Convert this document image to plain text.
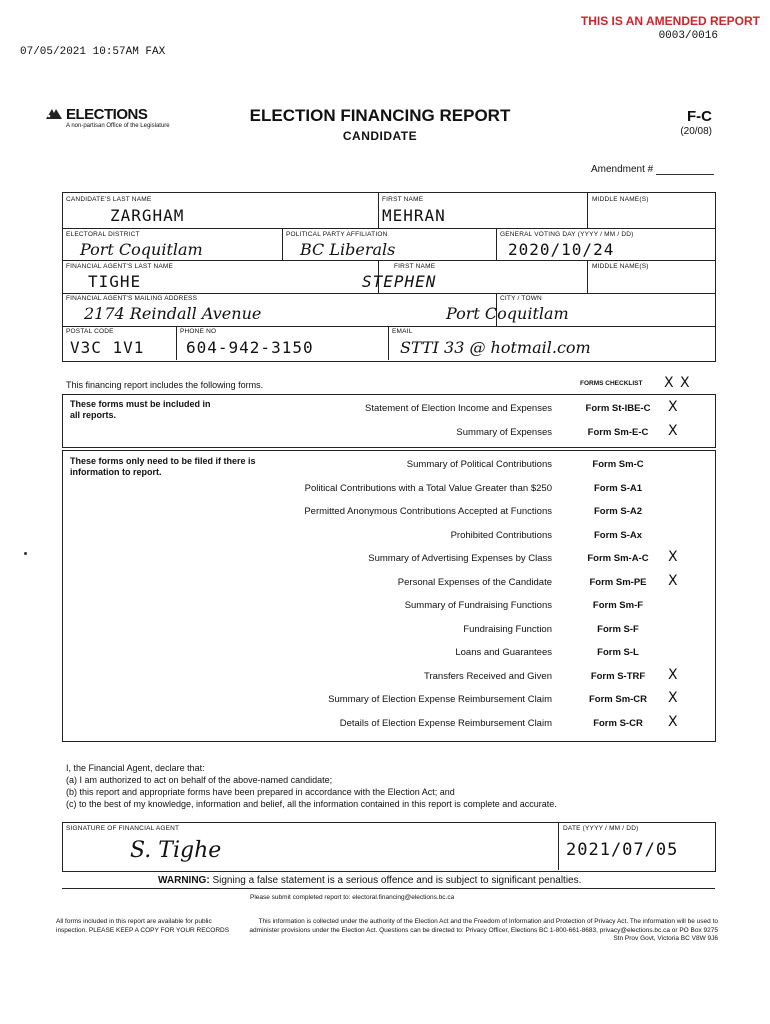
THIS IS AN AMENDED REPORT
0003/0016
07/05/2021 10:57AM FAX
ELECTIONS
A non-partisan Office of the Legislature
ELECTION FINANCING REPORT
CANDIDATE
F-C
(20/08)
Amendment #
CANDIDATE'S LAST NAME
ZARGHAM
FIRST NAME
MEHRAN
MIDDLE NAME(S)
ELECTORAL DISTRICT
Port Coquitlam
POLITICAL PARTY AFFILIATION
BC Liberals
GENERAL VOTING DAY (YYYY / MM / DD)
2020/10/24
FINANCIAL AGENT'S LAST NAME
TIGHE
FIRST NAME
STEPHEN
MIDDLE NAME(S)
FINANCIAL AGENT'S MAILING ADDRESS
2174 Reindall Avenue
CITY / TOWN
Port Coquitlam
POSTAL CODE
V3C 1V1
PHONE NO
604-942-3150
EMAIL
STTI 33 @ hotmail.com
This financing report includes the following forms.	FORMS CHECKLIST X X
These forms must be included in all reports.
Statement of Election Income and Expenses	Form St-IBE-C	X
Summary of Expenses	Form Sm-E-C	X
These forms only need to be filed if there is information to report.
Summary of Political Contributions	Form Sm-C
Political Contributions with a Total Value Greater than $250	Form S-A1
Permitted Anonymous Contributions Accepted at Functions	Form S-A2
Prohibited Contributions	Form S-Ax
Summary of Advertising Expenses by Class	Form Sm-A-C	X
Personal Expenses of the Candidate	Form Sm-PE	X
Summary of Fundraising Functions	Form Sm-F
Fundraising Function	Form S-F
Loans and Guarantees	Form S-L
Transfers Received and Given	Form S-TRF	X
Summary of Election Expense Reimbursement Claim	Form Sm-CR	X
Details of Election Expense Reimbursement Claim	Form S-CR	X
I, the Financial Agent, declare that:
(a) I am authorized to act on behalf of the above-named candidate;
(b) this report and appropriate forms have been prepared in accordance with the Election Act; and
(c) to the best of my knowledge, information and belief, all the information contained in this report is complete and accurate.
SIGNATURE OF FINANCIAL AGENT
S. Tighe
DATE (YYYY / MM / DD)
2021/07/05
WARNING: Signing a false statement is a serious offence and is subject to significant penalties.
Please submit completed report to: electoral.financing@elections.bc.ca
All forms included in this report are available for public inspection. PLEASE KEEP A COPY FOR YOUR RECORDS
This information is collected under the authority of the Election Act and the Freedom of Information and Protection of Privacy Act. The information will be used to administer provisions under the Election Act. Questions can be directed to: Privacy Officer, Elections BC 1-800-661-8683, privacy@elections.bc.ca or PO Box 9275 Stn Prov Govt, Victoria BC V8W 9J6
